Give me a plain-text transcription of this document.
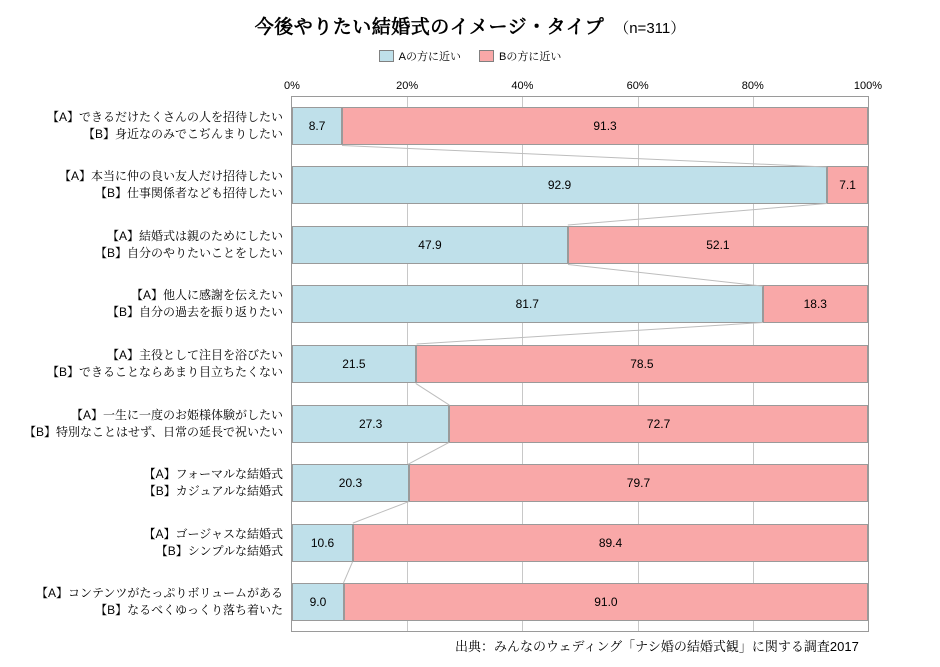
今後やりたい結婚式のイメージ・タイプ （n=311）
Aの方に近い	Bの方に近い
0%	20%	40%	60%	80%	100%
【A】できるだけたくさんの人を招待したい
【B】身近なのみでこぢんまりしたい
8.7	91.3
【A】本当に仲の良い友人だけ招待したい
【B】仕事関係者なども招待したい
92.9	7.1
【A】結婚式は親のためにしたい
【B】自分のやりたいことをしたい
47.9	52.1
【A】他人に感謝を伝えたい
【B】自分の過去を振り返りたい
81.7	18.3
【A】主役として注目を浴びたい
【B】できることならあまり目立ちたくない
21.5	78.5
【A】一生に一度のお姫様体験がしたい
【B】特別なことはせず、日常の延長で祝いたい
27.3	72.7
【A】フォーマルな結婚式
【B】カジュアルな結婚式
20.3	79.7
【A】ゴージャスな結婚式
【B】シンプルな結婚式
10.6	89.4
【A】コンテンツがたっぷりボリュームがある
【B】なるべくゆっくり落ち着いた
9.0	91.0
出典：みんなのウェディング「ナシ婚の結婚式観」に関する調査2017
